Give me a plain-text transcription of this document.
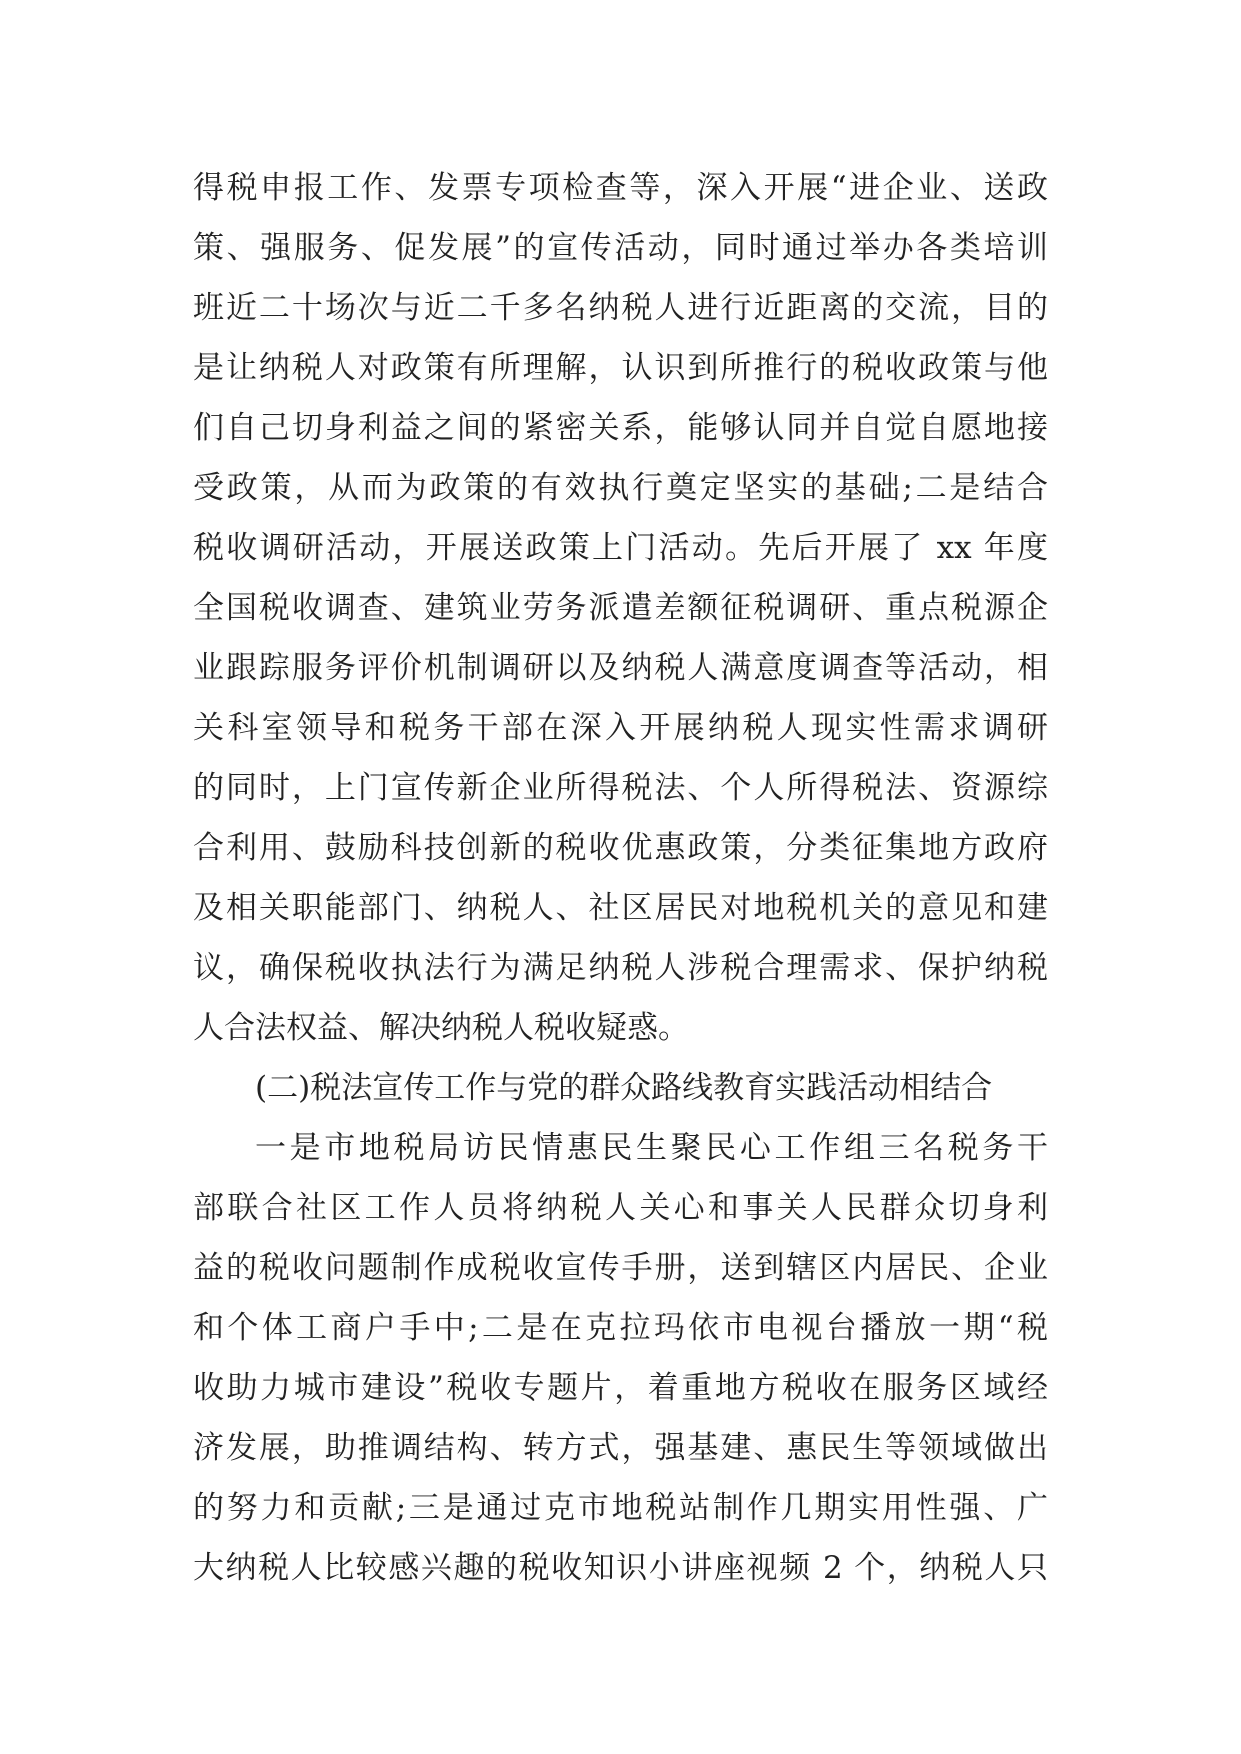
得税申报工作、发票专项检查等，深入开展“进企业、送政
策、强服务、促发展”的宣传活动，同时通过举办各类培训
班近二十场次与近二千多名纳税人进行近距离的交流，目的
是让纳税人对政策有所理解，认识到所推行的税收政策与他
们自己切身利益之间的紧密关系，能够认同并自觉自愿地接
受政策，从而为政策的有效执行奠定坚实的基础;二是结合
税收调研活动，开展送政策上门活动。先后开展了 xx 年度
全国税收调查、建筑业劳务派遣差额征税调研、重点税源企
业跟踪服务评价机制调研以及纳税人满意度调查等活动，相
关科室领导和税务干部在深入开展纳税人现实性需求调研
的同时，上门宣传新企业所得税法、个人所得税法、资源综
合利用、鼓励科技创新的税收优惠政策，分类征集地方政府
及相关职能部门、纳税人、社区居民对地税机关的意见和建
议，确保税收执法行为满足纳税人涉税合理需求、保护纳税
人合法权益、解决纳税人税收疑惑。
(二)税法宣传工作与党的群众路线教育实践活动相结合
一是市地税局访民情惠民生聚民心工作组三名税务干
部联合社区工作人员将纳税人关心和事关人民群众切身利
益的税收问题制作成税收宣传手册，送到辖区内居民、企业
和个体工商户手中;二是在克拉玛依市电视台播放一期“税
收助力城市建设”税收专题片，着重地方税收在服务区域经
济发展，助推调结构、转方式，强基建、惠民生等领域做出
的努力和贡献;三是通过克市地税站制作几期实用性强、广
大纳税人比较感兴趣的税收知识小讲座视频 2 个，纳税人只
